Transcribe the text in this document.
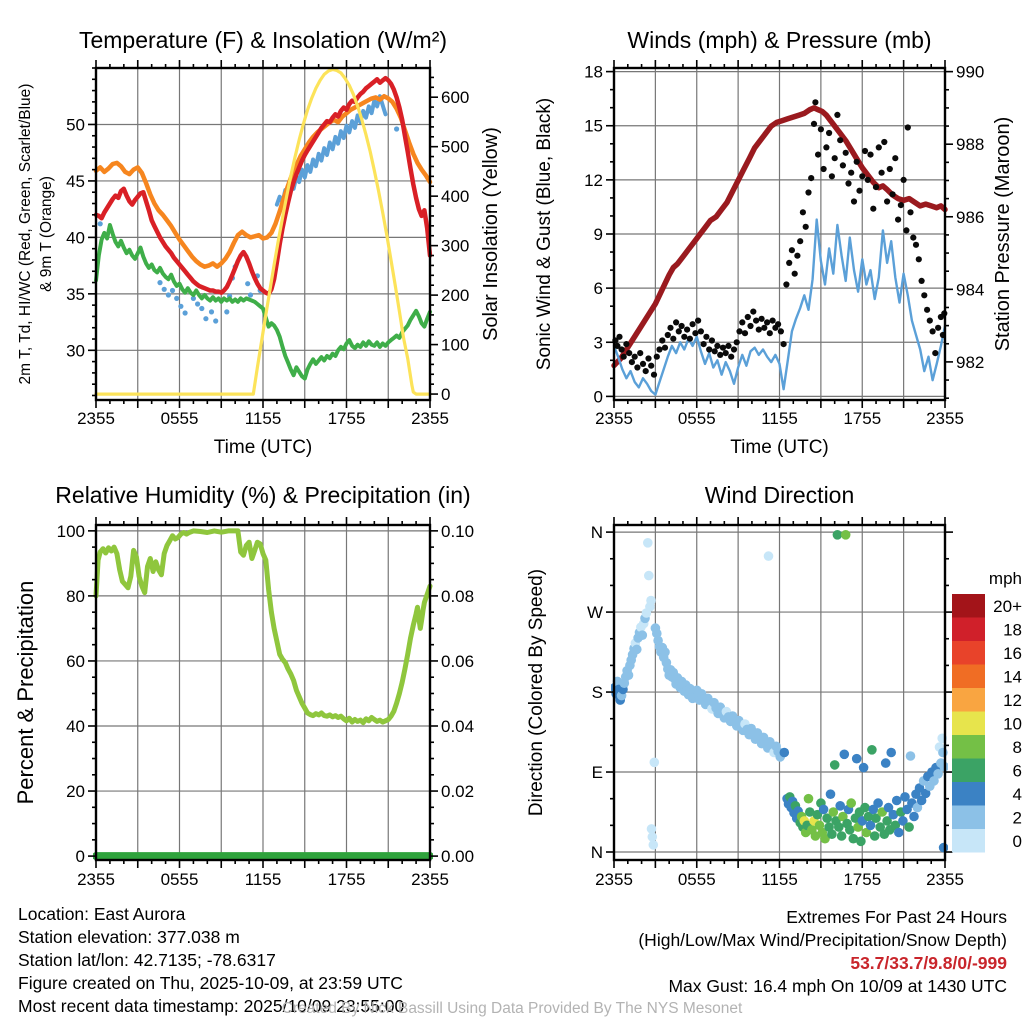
2355	0555	1155	1755	2355
30
35
40
45
50
0
100
200
300
400
500
600
Temperature (F) & Insolation (W/m²)
Time (UTC)
2m T, Td, HI/WC (Red, Green, Scarlet/Blue) & 9m T (Orange)	Solar Insolation (Yellow)
2355	0555	1155	1755	2355
0
3
6
9
12
15
18
982
984
986
988
990
Winds (mph) & Pressure (mb)
Time (UTC)
Sonic Wind & Gust (Blue, Black)	Station Pressure (Maroon)
2355	0555	1155	1755	2355
0
20
40
60
80
100
0.00
0.02
0.04
0.06
0.08
0.10
Relative Humidity (%) & Precipitation (in)
Percent & Precipitation
2355	0555	1155	1755	2355
N
E
S
W
N
Wind Direction
Direction (Colored By Speed)	20+
18
16
14
12
10
8
6
4
2
0
mph
Location: East Aurora
Station elevation: 377.038 m
Station lat/lon: 42.7135; -78.6317
Figure created on Thu, 2025-10-09, at 23:59 UTC
Most recent data timestamp: 2025/10/09 23:55:00
Extremes For Past 24 Hours
(High/Low/Max Wind/Precipitation/Snow Depth)
53.7/33.7/9.8/0/-999
Max Gust: 16.4 mph On 10/09 at 1430 UTC
Created By Nick Bassill Using Data Provided By The NYS Mesonet
